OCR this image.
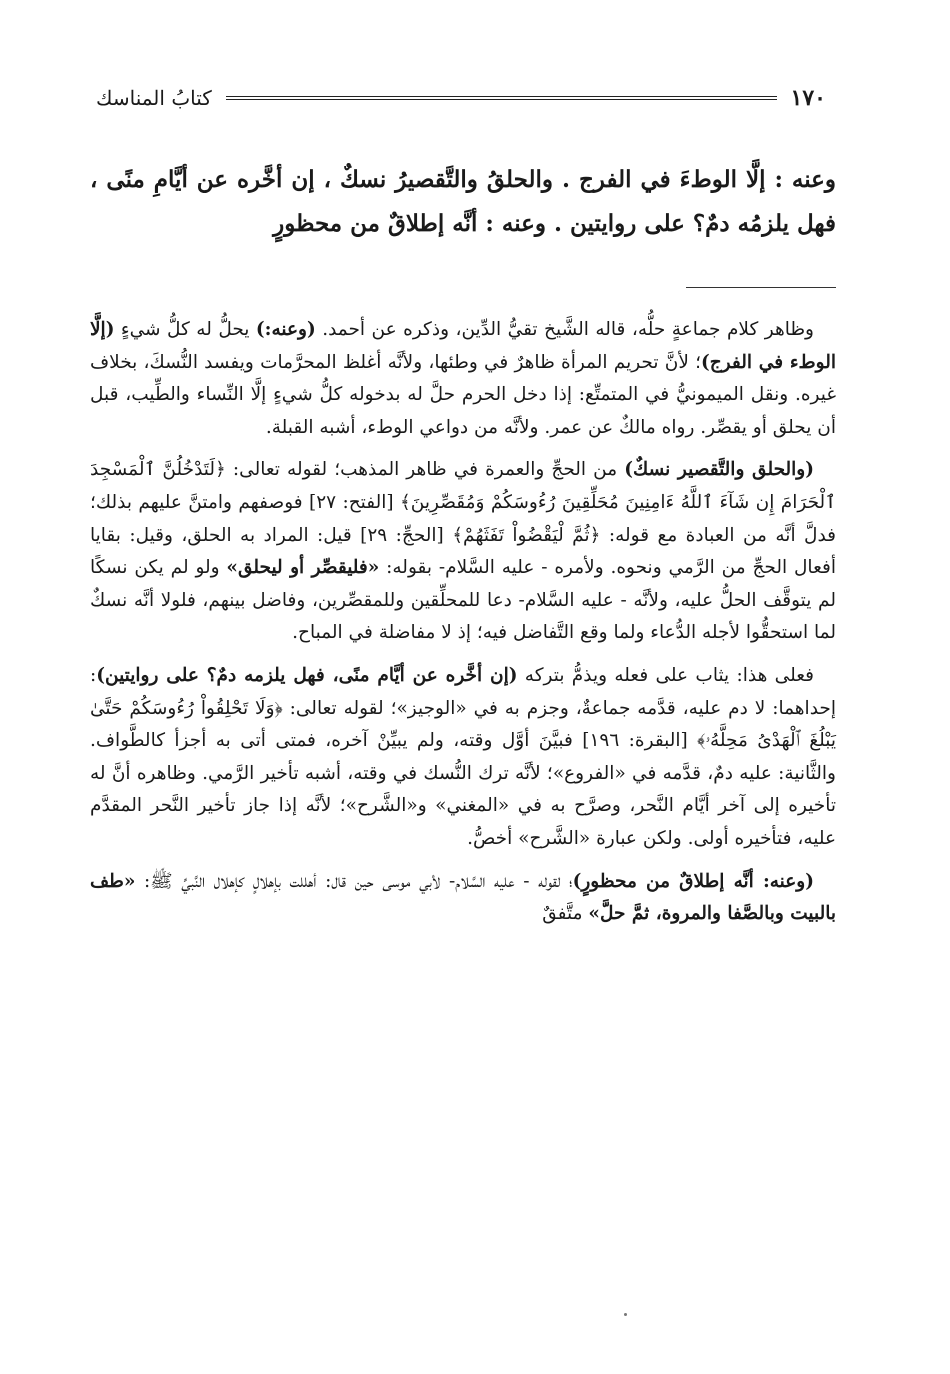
١٧٠
كتابُ المناسك
وعنه : إلَّا الوطءَ في الفرج . والحلقُ والتَّقصيرُ نسكٌ ، إن أخَّره عن أيَّامِ منًى ، فهل يلزمُه دمٌ؟ على روايتين . وعنه : أنَّه إطلاقٌ من محظورٍ

وظاهر كلام جماعةٍ حلُّه، قاله الشَّيخ تقيُّ الدِّين، وذكره عن أحمد. (وعنه:) يحلُّ له كلُّ شيءٍ (إلَّا الوطء في الفرج)؛ لأنَّ تحريم المرأة ظاهرٌ في وطئها، ولأنَّه أغلظ المحرَّمات ويفسد النُّسكَ، بخلاف غيره. ونقل الميمونيُّ في المتمتِّع: إذا دخل الحرم حلَّ له بدخوله كلُّ شيءٍ إلَّا النِّساء والطِّيب، قبل أن يحلق أو يقصِّر. رواه مالكٌ عن عمر. ولأنَّه من دواعي الوطء، أشبه القبلة.

(والحلق والتَّقصير نسكٌ) من الحجِّ والعمرة في ظاهر المذهب؛ لقوله تعالى: ﴿لَتَدْخُلُنَّ ٱلْمَسْجِدَ ٱلْحَرَامَ إِن شَآءَ ٱللَّهُ ءَامِنِينَ مُحَلِّقِينَ رُءُوسَكُمْ وَمُقَصِّرِينَ﴾ [الفتح: ٢٧] فوصفهم وامتنَّ عليهم بذلك؛ فدلَّ أنَّه من العبادة مع قوله: ﴿ثُمَّ لْيَقْضُواْ تَفَثَهُمْ﴾ [الحجِّ: ٢٩] قيل: المراد به الحلق، وقيل: بقايا أفعال الحجِّ من الرَّمي ونحوه. ولأمره - عليه السَّلام- بقوله: «فليقصِّر أو ليحلق» ولو لم يكن نسكًا لم يتوقَّف الحلُّ عليه، ولأنَّه - عليه السَّلام- دعا للمحلِّقين وللمقصِّرين، وفاضل بينهم، فلولا أنَّه نسكٌ لما استحقُّوا لأجله الدُّعاء ولما وقع التَّفاضل فيه؛ إذ لا مفاضلة في المباح.

فعلى هذا: يثاب على فعله ويذمُّ بتركه (إن أخَّره عن أيَّام منًى، فهل يلزمه دمٌ؟ على روايتين): إحداهما: لا دم عليه، قدَّمه جماعةٌ، وجزم به في «الوجيز»؛ لقوله تعالى: ﴿وَلَا تَحْلِقُواْ رُءُوسَكُمْ حَتَّىٰ يَبْلُغَ ٱلْهَدْىُ مَحِلَّهُۥ﴾ [البقرة: ١٩٦] فبيَّنَ أوَّل وقته، ولم يبيِّنْ آخره، فمتى أتى به أجزأ كالطَّواف. والثَّانية: عليه دمٌ، قدَّمه في «الفروع»؛ لأنَّه ترك النُّسك في وقته، أشبه تأخير الرَّمي. وظاهره أنَّ له تأخيره إلى آخر أيَّام النَّحر، وصرَّح به في «المغني» و«الشَّرح»؛ لأنَّه إذا جاز تأخير النَّحر المقدَّم عليه، فتأخيره أولى. ولكن عبارة «الشَّرح» أخصُّ.

(وعنه: أنَّه إطلاقٌ من محظورٍ)؛ لقوله - عليه السَّلام- لأبي موسى حين قال: أهللت بإهلالٍ كإهلال النَّبيِّ ﷺ: «طف بالبيت وبالصَّفا والمروة، ثمَّ حلَّ» متَّفقٌ
